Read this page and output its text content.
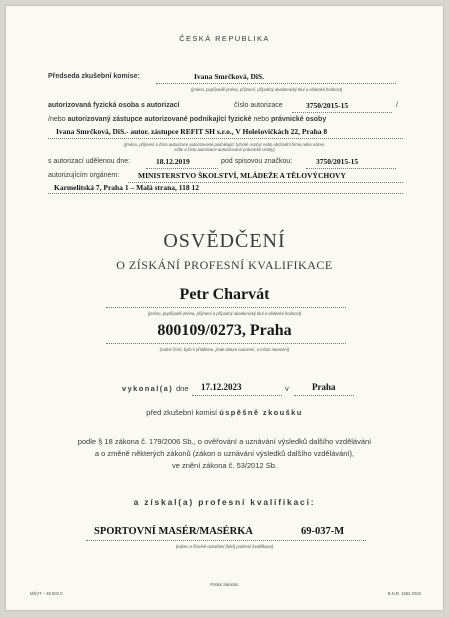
ČESKÁ REPUBLIKA
Předseda zkušební komise:	Ivana Smrčková, DiS.
(jméno, popřípadě jména, příjmení, případný akademický titul a vědecká hodnost)
autorizovaná fyzická osoba s autorizací	číslo autorizace	3750/2015-15	/
/nebo autorizovaný zástupce autorizované podnikající fyzické nebo právnické osoby
Ivana Smrčková, DiS.- autor. zástupce REFIT SH s.r.o., V Holešovičkách 22, Praha 8
(jméno, příjmení a číslo autorizace autorizované podnikající fyzické osoby/ nebo obchodní firma nebo název,
sídlo a číslo autorizace autorizované právnické osoby)
s autorizací udělenou dne:	18.12.2019	pod spisovou značkou:	3750/2015-15
autorizujícím orgánem:	MINISTERSTVO ŠKOLSTVÍ, MLÁDEŽE A TĚLOVÝCHOVY
Karmelitská 7, Praha 1 – Malá strana, 118 12
OSVĚDČENÍ
O ZÍSKÁNÍ PROFESNÍ KVALIFIKACE
Petr Charvát
(jméno, popřípadě jména, příjmení a případný akademický titul a vědecká hodnost)
800109/0273, Praha
(rodné číslo, bylo-li přiděleno, jinak datum narození, a místo narození)
vykonal(a) dne 17.12.2023	v	Praha
před zkušební komisí úspěšně zkoušku
podle § 18 zákona č. 179/2006 Sb., o ověřování a uznávání výsledků dalšího vzdělávání
a o změně některých zákonů (zákon o uznávání výsledků dalšího vzdělávání),
ve znění zákona č. 53/2012 Sb.
a získal(a) profesní kvalifikaci:
SPORTOVNÍ MASÉR/MASÉRKA	69-037-M
(název a číselné označení (kód) profesní kvalifikace)
MŠVT – 49 502 0
Potisk zakázán
B.N.R. 1552 2023
